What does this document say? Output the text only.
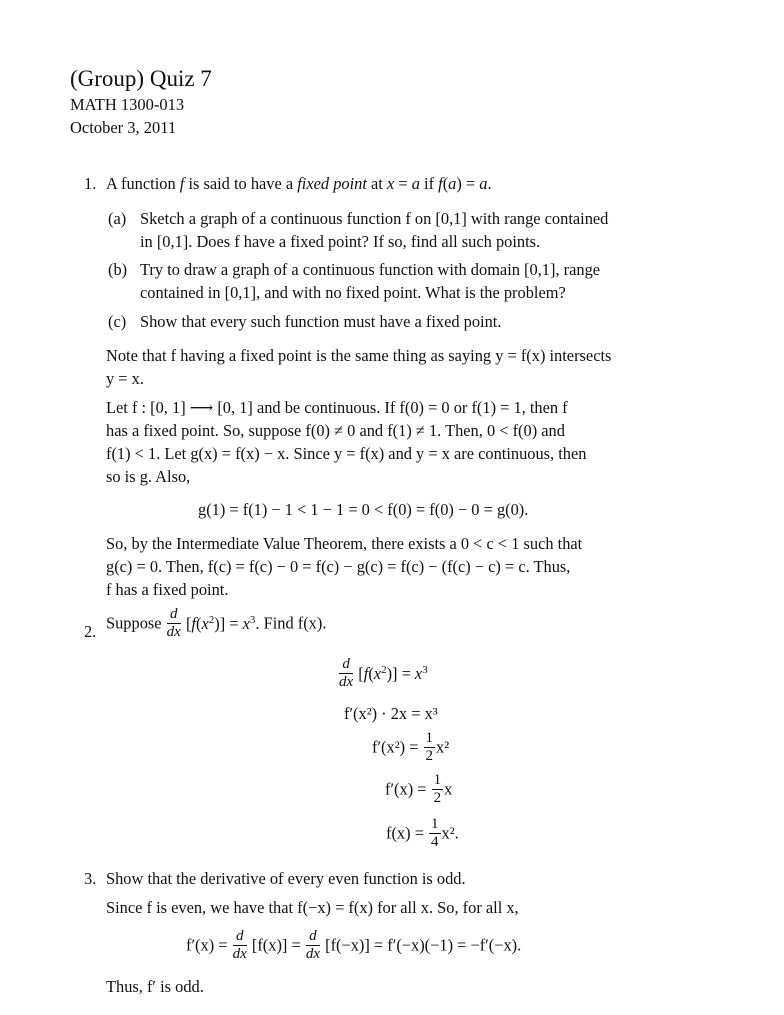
(Group) Quiz 7
MATH 1300-013
October 3, 2011
1. A function f is said to have a fixed point at x = a if f(a) = a.
(a) Sketch a graph of a continuous function f on [0,1] with range contained
in [0,1]. Does f have a fixed point? If so, find all such points.
(b) Try to draw a graph of a continuous function with domain [0,1], range
contained in [0,1], and with no fixed point. What is the problem?
(c) Show that every such function must have a fixed point.
Note that f having a fixed point is the same thing as saying y = f(x) intersects
y = x.
Let f : [0, 1] ⟶ [0, 1] and be continuous. If f(0) = 0 or f(1) = 1, then f
has a fixed point. So, suppose f(0) ≠ 0 and f(1) ≠ 1. Then, 0 < f(0) and
f(1) < 1. Let g(x) = f(x) − x. Since y = f(x) and y = x are continuous, then
so is g. Also,
g(1) = f(1) − 1 < 1 − 1 = 0 < f(0) = f(0) − 0 = g(0).
So, by the Intermediate Value Theorem, there exists a 0 < c < 1 such that
g(c) = 0. Then, f(c) = f(c) − 0 = f(c) − g(c) = f(c) − (f(c) − c) = c. Thus,
f has a fixed point.
2. Suppose $\frac{d}{dx} [f(x^2)] = x^3$. Find f(x).
$\frac{d}{dx} [f(x^2)] = x^3$
f′(x²) · 2x = x³
$f'(x^2) = \frac{1}{2} x^2$
$f'(x) = \frac{1}{2}$ x
$f(x) = \frac{1}{4} x^2$.
3. Show that the derivative of every even function is odd.
Since f is even, we have that f(−x) = f(x) for all x. So, for all x,
$f'(x) = \frac{d}{dx} [f(x)] = \frac{d}{dx} [f(-x)] = f'(-x)(-1) = -f'(-x)$.
Thus, f′ is odd.
